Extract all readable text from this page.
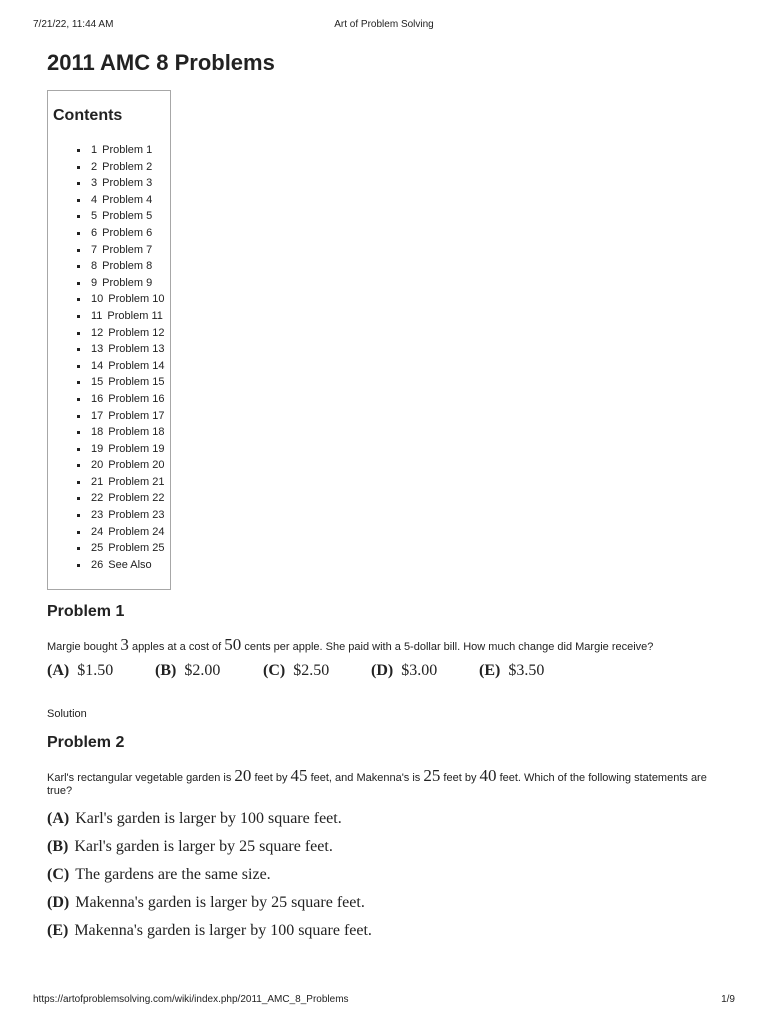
7/21/22, 11:44 AM	Art of Problem Solving
2011 AMC 8 Problems
Contents
1 Problem 1
2 Problem 2
3 Problem 3
4 Problem 4
5 Problem 5
6 Problem 6
7 Problem 7
8 Problem 8
9 Problem 9
10 Problem 10
11 Problem 11
12 Problem 12
13 Problem 13
14 Problem 14
15 Problem 15
16 Problem 16
17 Problem 17
18 Problem 18
19 Problem 19
20 Problem 20
21 Problem 21
22 Problem 22
23 Problem 23
24 Problem 24
25 Problem 25
26 See Also
Problem 1
Margie bought 3 apples at a cost of 50 cents per apple. She paid with a 5-dollar bill. How much change did Margie receive?
(A) $1.50	(B) $2.00	(C) $2.50	(D) $3.00	(E) $3.50
Solution
Problem 2
Karl's rectangular vegetable garden is 20 feet by 45 feet, and Makenna's is 25 feet by 40 feet. Which of the following statements are true?
(A) Karl's garden is larger by 100 square feet.
(B) Karl's garden is larger by 25 square feet.
(C) The gardens are the same size.
(D) Makenna's garden is larger by 25 square feet.
(E) Makenna's garden is larger by 100 square feet.
https://artofproblemsolving.com/wiki/index.php/2011_AMC_8_Problems	1/9
